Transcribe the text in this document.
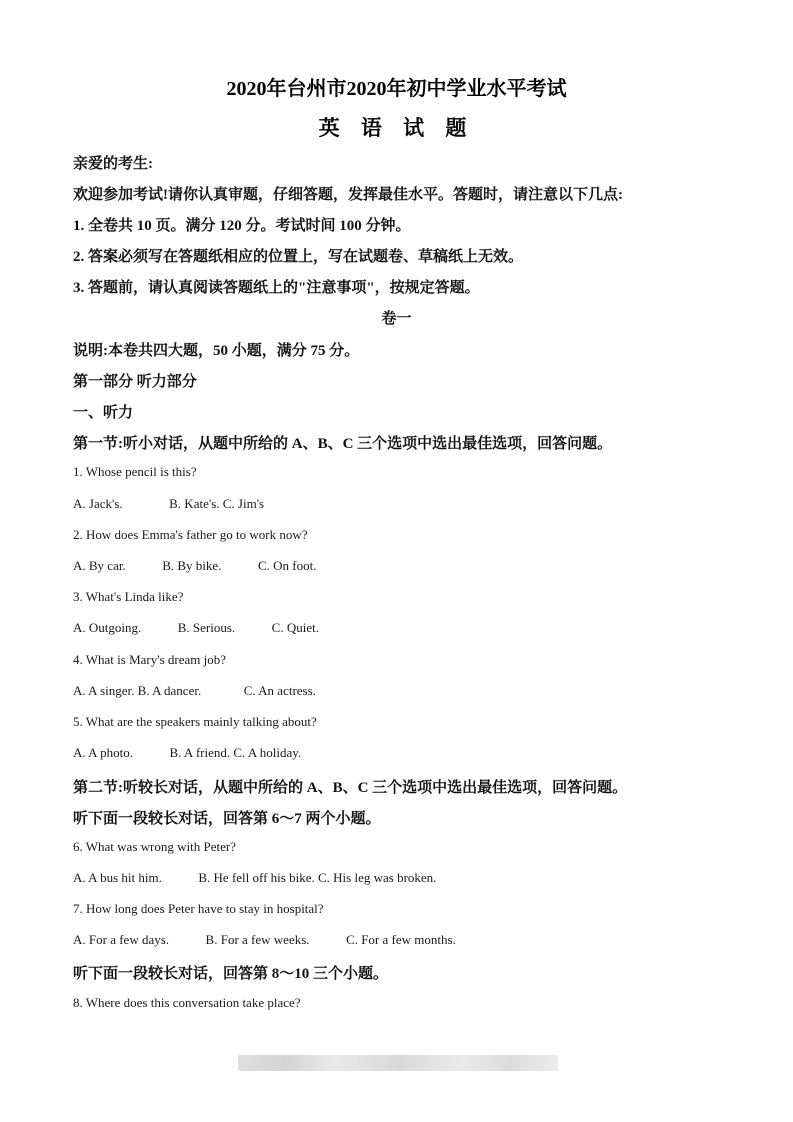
2020年台州市2020年初中学业水平考试
英 语 试 题
亲爱的考生:
欢迎参加考试!请你认真审题，仔细答题，发挥最佳水平。答题时，请注意以下几点:
1. 全卷共 10 页。满分 120 分。考试时间 100 分钟。
2. 答案必须写在答题纸相应的位置上，写在试题卷、草稿纸上无效。
3. 答题前，请认真阅读答题纸上的"注意事项"，按规定答题。
卷一
说明:本卷共四大题，50 小题，满分 75 分。
第一部分 听力部分
一、听力
第一节:听小对话，从题中所给的 A、B、C 三个选项中选出最佳选项，回答问题。
1. Whose pencil is this?
A. Jack's.	B. Kate's. C. Jim's
2. How does Emma's father go to work now?
A. By car.	B. By bike.	C. On foot.
3. What's Linda like?
A. Outgoing.	B. Serious.	C. Quiet.
4. What is Mary's dream job?
A. A singer. B. A dancer.	C. An actress.
5. What are the speakers mainly talking about?
A. A photo.	B. A friend. C. A holiday.
第二节:听较长对话，从题中所给的 A、B、C 三个选项中选出最佳选项，回答问题。
听下面一段较长对话，回答第 6～7 两个小题。
6. What was wrong with Peter?
A. A bus hit him.	B. He fell off his bike. C. His leg was broken.
7. How long does Peter have to stay in hospital?
A. For a few days.	B. For a few weeks.	C. For a few months.
听下面一段较长对话，回答第 8～10 三个小题。
8. Where does this conversation take place?
